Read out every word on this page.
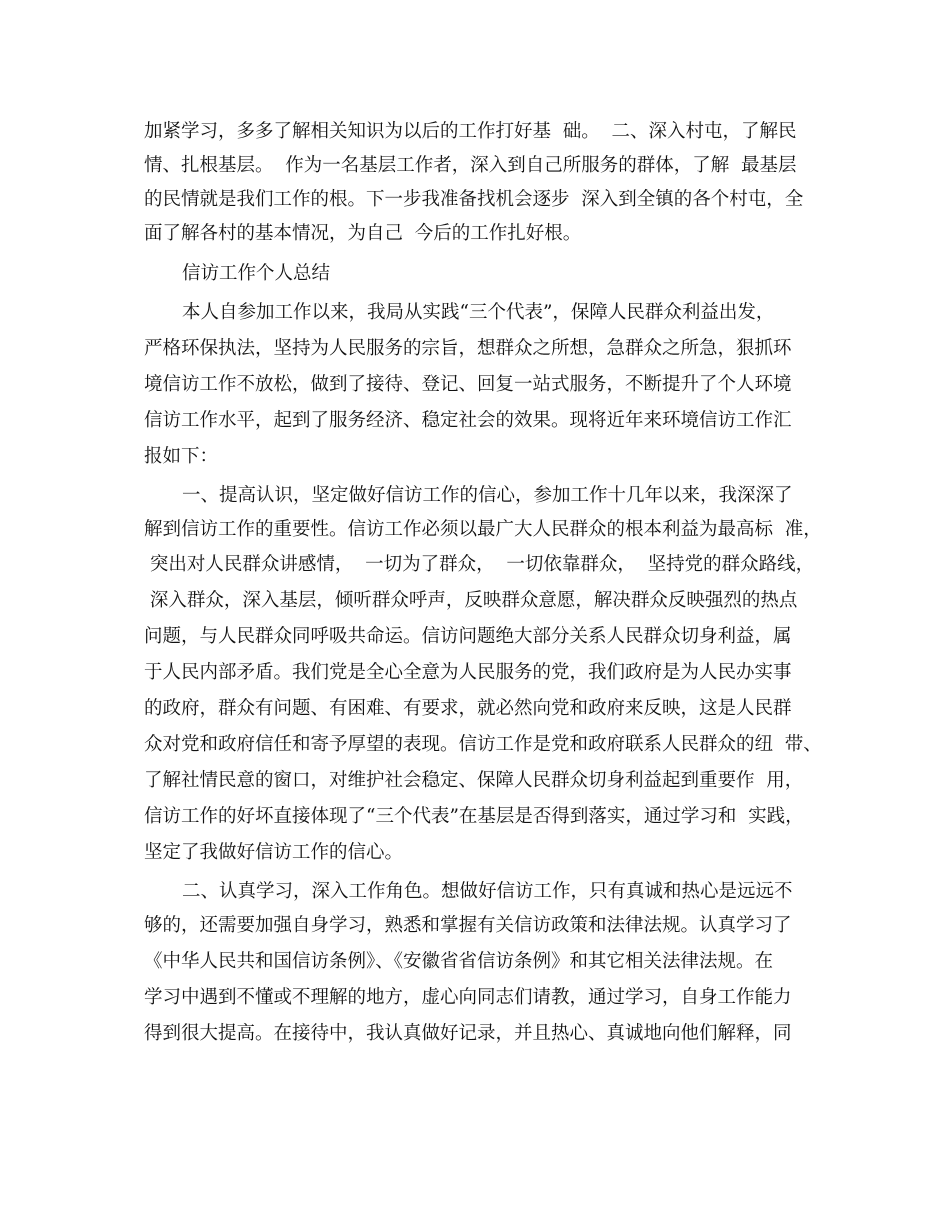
加紧学习，多多了解相关知识为以后的工作打好基  础。  二、深入村屯，了解民

情、扎根基层。  作为一名基层工作者，深入到自己所服务的群体，了解  最基层

的民情就是我们工作的根。下一步我准备找机会逐步  深入到全镇的各个村屯，全

面了解各村的基本情况，为自己  今后的工作扎好根。

信访工作个人总结

本人自参加工作以来，我局从实践“三个代表”，保障人民群众利益出发，

严格环保执法，坚持为人民服务的宗旨，想群众之所想，急群众之所急，狠抓环

境信访工作不放松，做到了接待、登记、回复一站式服务，不断提升了个人环境

信访工作水平，起到了服务经济、稳定社会的效果。现将近年来环境信访工作汇

报如下：

一、提高认识，坚定做好信访工作的信心，参加工作十几年以来，我深深了

解到信访工作的重要性。信访工作必须以最广大人民群众的根本利益为最高标  准，

突出对人民群众讲感情，  一切为了群众，  一切依靠群众，  坚持党的群众路线，

深入群众，深入基层，倾听群众呼声，反映群众意愿，解决群众反映强烈的热点

问题，与人民群众同呼吸共命运。信访问题绝大部分关系人民群众切身利益，属

于人民内部矛盾。我们党是全心全意为人民服务的党，我们政府是为人民办实事

的政府，群众有问题、有困难、有要求，就必然向党和政府来反映，这是人民群

众对党和政府信任和寄予厚望的表现。信访工作是党和政府联系人民群众的纽  带、

了解社情民意的窗口，对维护社会稳定、保障人民群众切身利益起到重要作  用，

信访工作的好坏直接体现了“三个代表”在基层是否得到落实，通过学习和  实践，

坚定了我做好信访工作的信心。

二、认真学习，深入工作角色。想做好信访工作，只有真诚和热心是远远不

够的，还需要加强自身学习，熟悉和掌握有关信访政策和法律法规。认真学习了

《中华人民共和国信访条例》、《安徽省省信访条例》和其它相关法律法规。在

学习中遇到不懂或不理解的地方，虚心向同志们请教，通过学习，自身工作能力

得到很大提高。在接待中，我认真做好记录，并且热心、真诚地向他们解释，同
